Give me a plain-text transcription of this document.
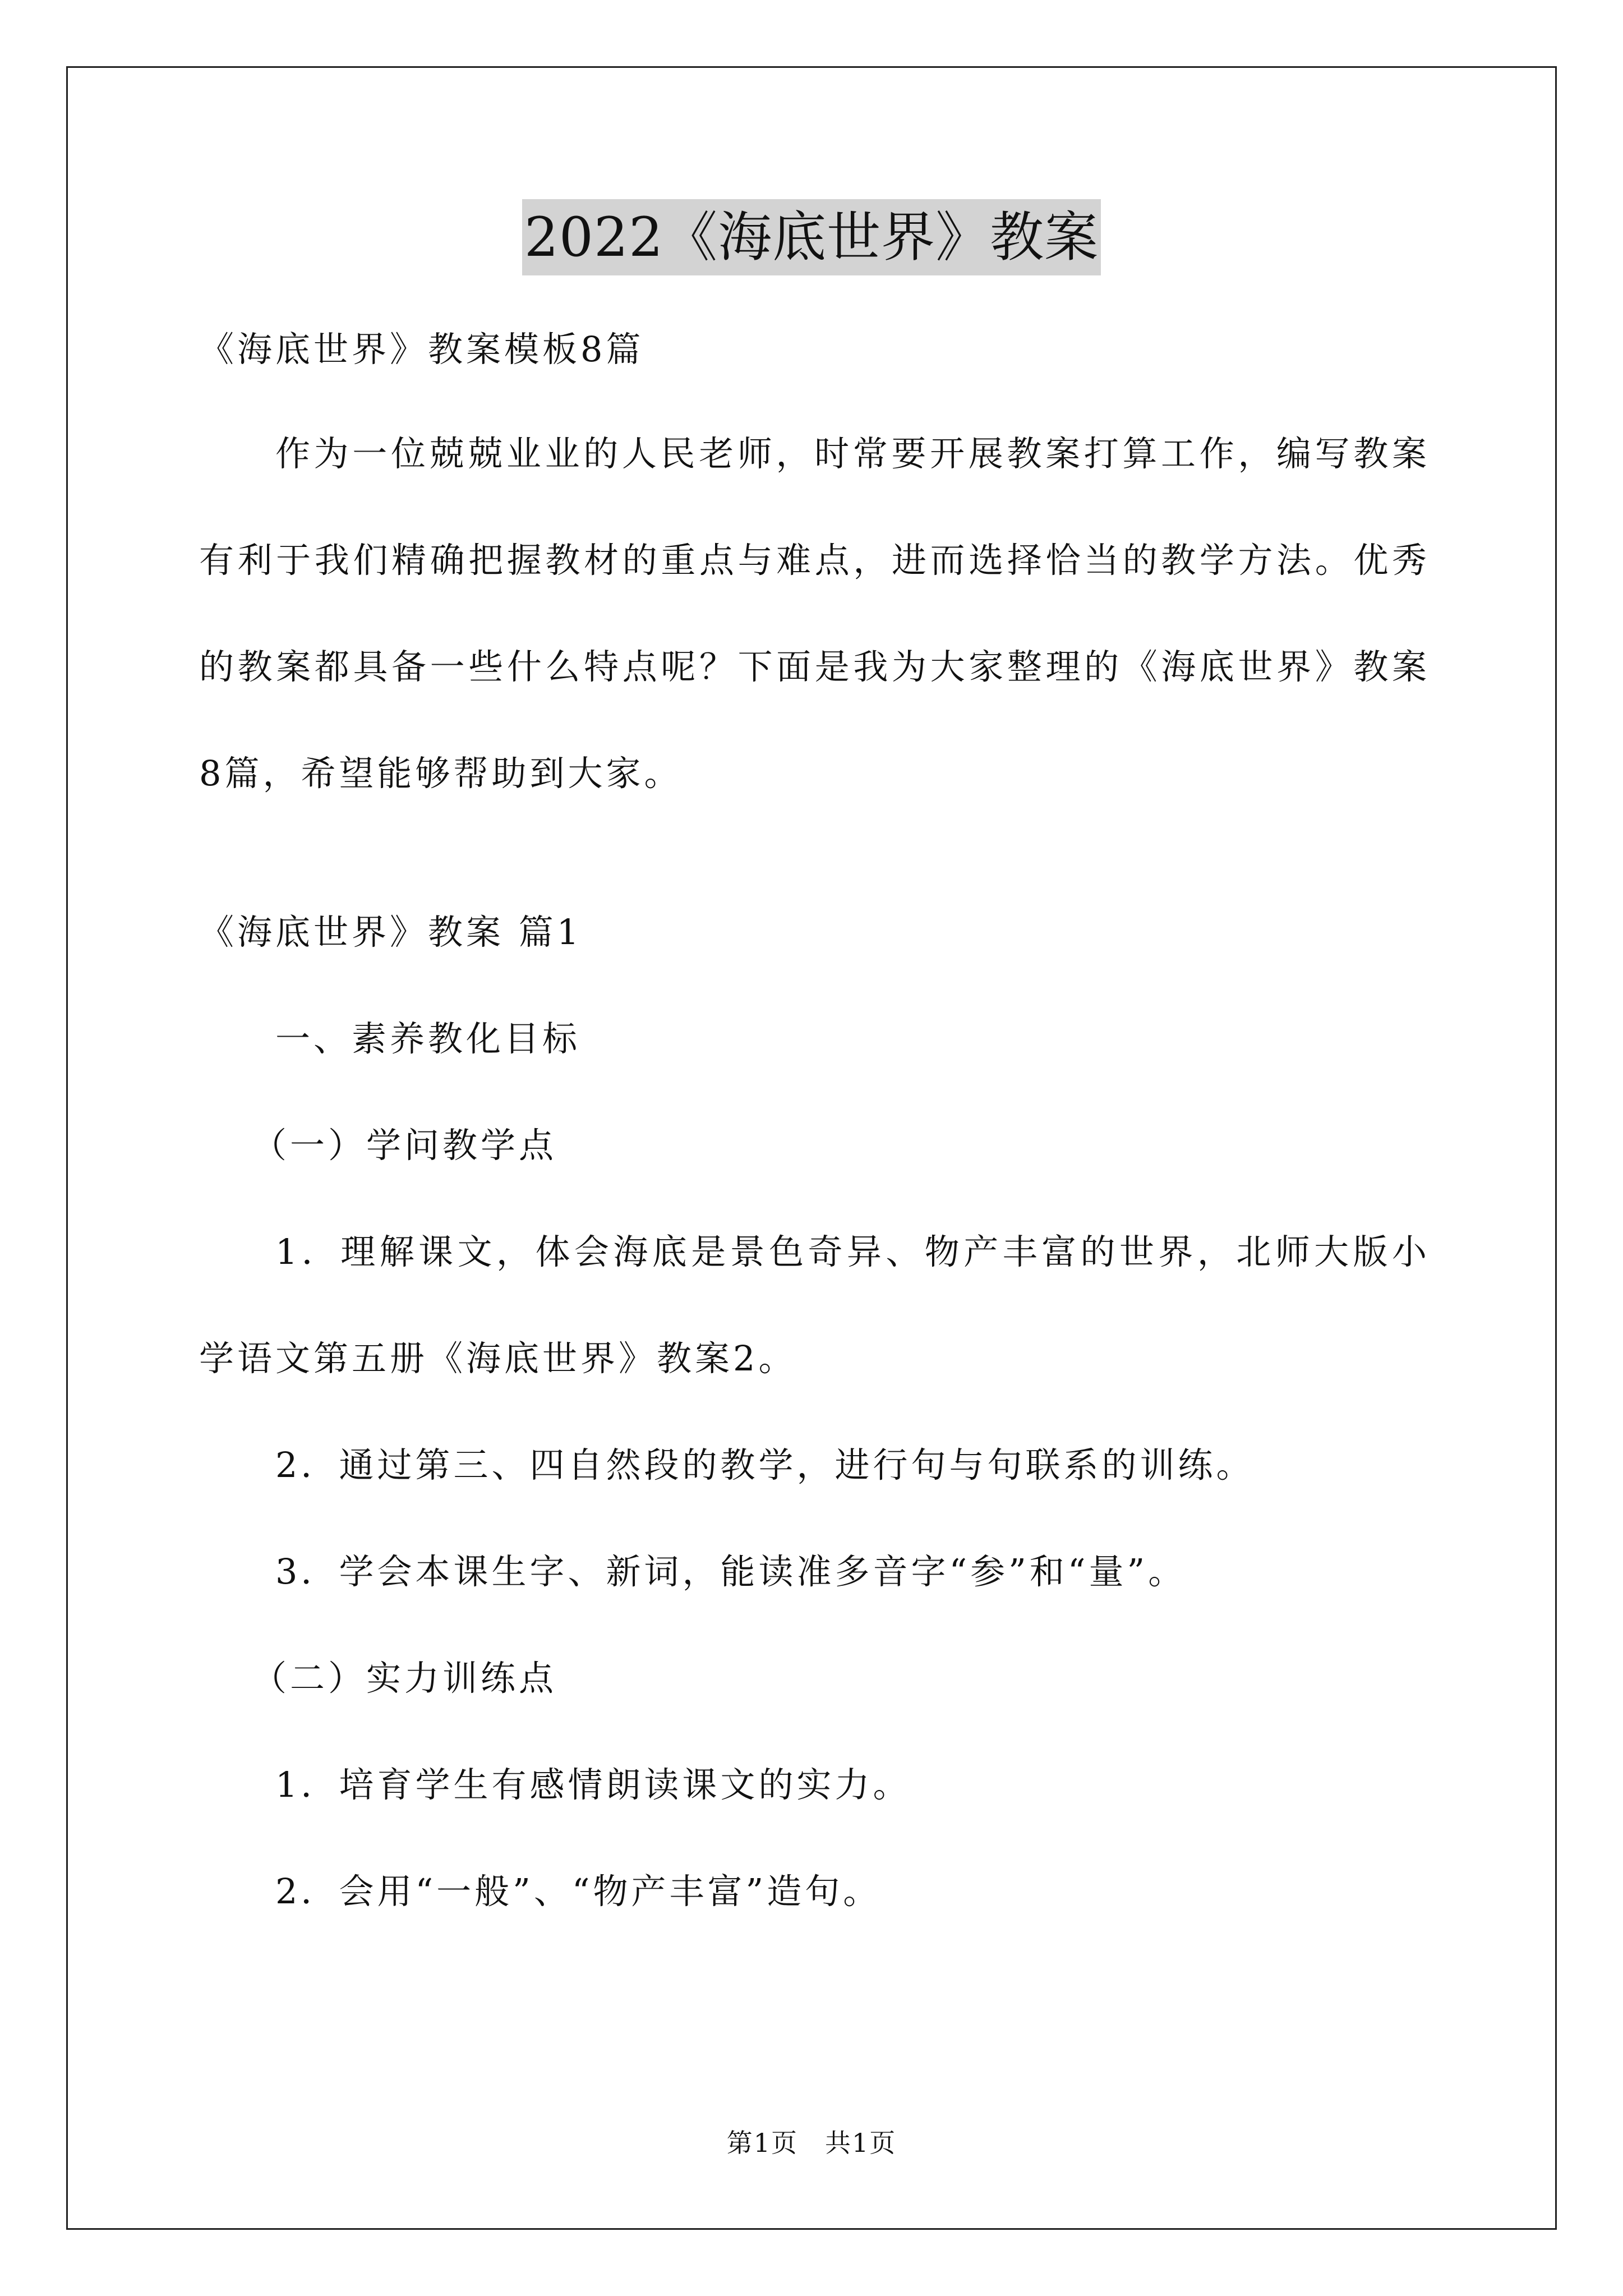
2022《海底世界》教案
《海底世界》教案模板8篇
作为一位兢兢业业的人民老师，时常要开展教案打算工作，编写教案有利于我们精确把握教材的重点与难点，进而选择恰当的教学方法。优秀的教案都具备一些什么特点呢？下面是我为大家整理的《海底世界》教案8篇，希望能够帮助到大家。
《海底世界》教案 篇1
一、素养教化目标
（一）学问教学点
1．理解课文，体会海底是景色奇异、物产丰富的世界，北师大版小学语文第五册《海底世界》教案2。
2．通过第三、四自然段的教学，进行句与句联系的训练。
3．学会本课生字、新词，能读准多音字“参”和“量”。
（二）实力训练点
1．培育学生有感情朗读课文的实力。
2．会用“一般”、“物产丰富”造句。
第1页　共1页
